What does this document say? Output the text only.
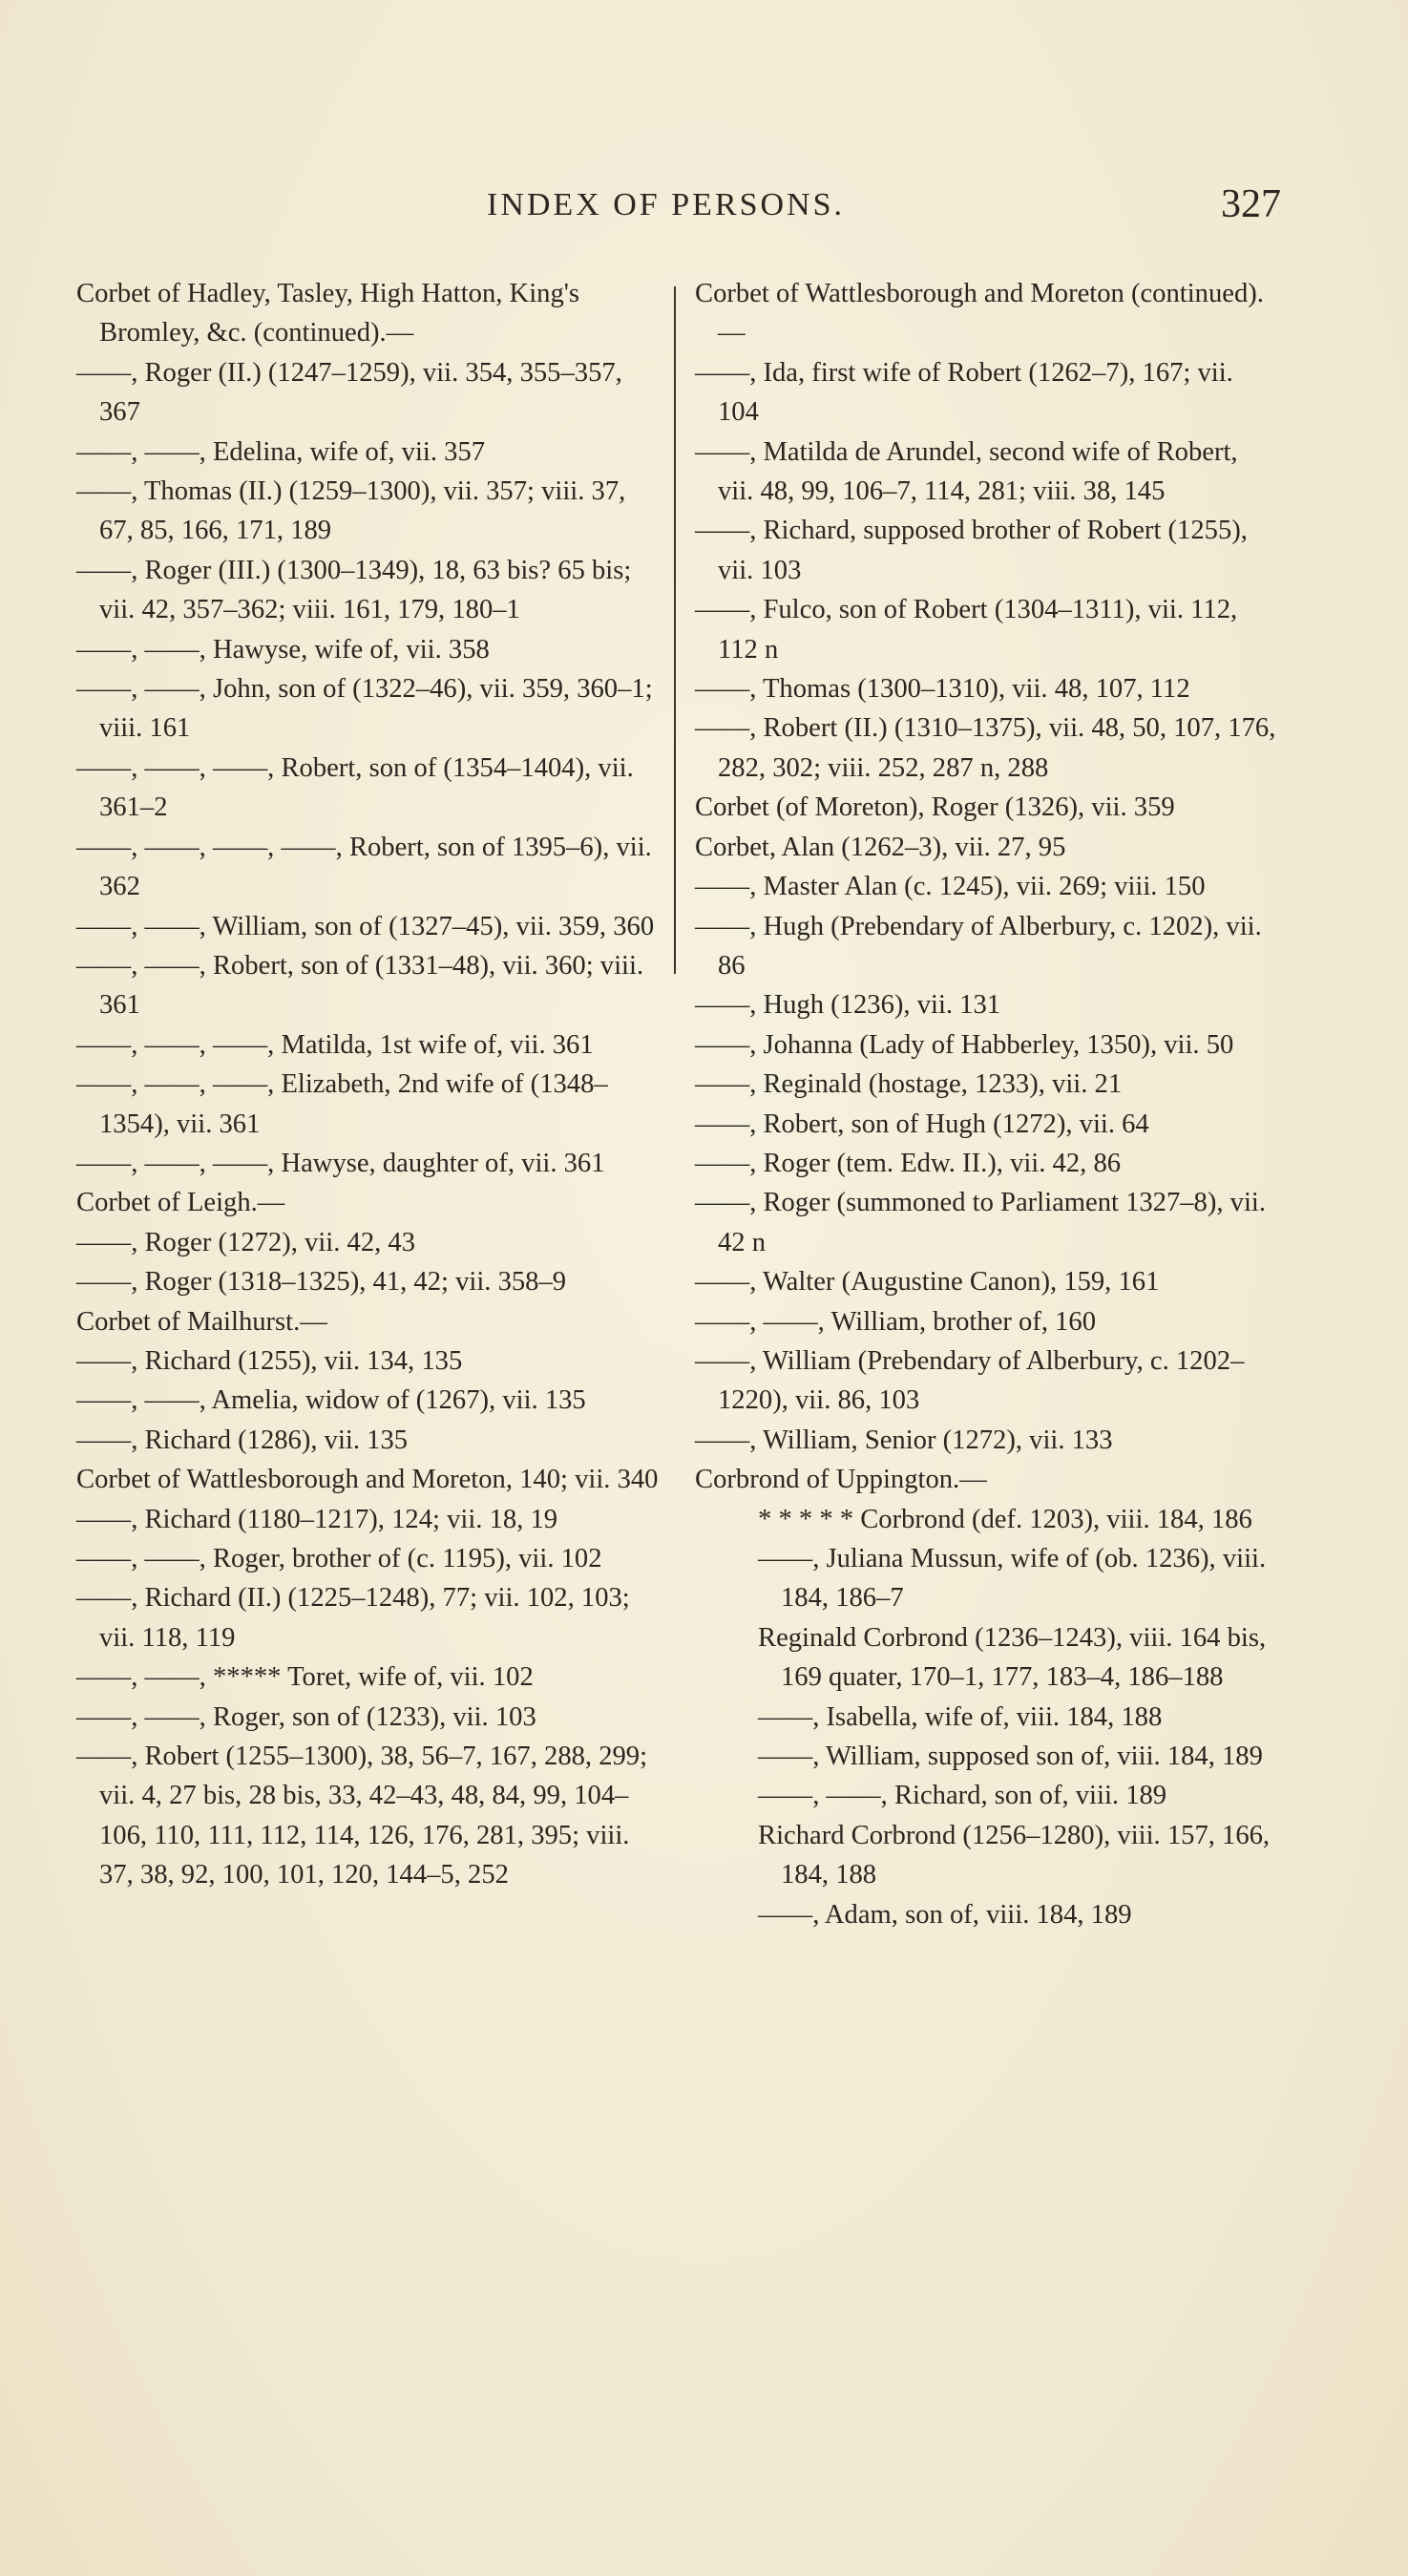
INDEX OF PERSONS.	327

Corbet of Hadley, Tasley, High Hatton, King's Bromley, &c. (continued).—

——, Roger (II.) (1247–1259), vii. 354, 355–357, 367

——, ——, Edelina, wife of, vii. 357

——, Thomas (II.) (1259–1300), vii. 357; viii. 37, 67, 85, 166, 171, 189

——, Roger (III.) (1300–1349), 18, 63 bis? 65 bis; vii. 42, 357–362; viii. 161, 179, 180–1

——, ——, Hawyse, wife of, vii. 358

——, ——, John, son of (1322–46), vii. 359, 360–1; viii. 161

——, ——, ——, Robert, son of (1354–1404), vii. 361–2

——, ——, ——, ——, Robert, son of 1395–6), vii. 362

——, ——, William, son of (1327–45), vii. 359, 360

——, ——, Robert, son of (1331–48), vii. 360; viii. 361

——, ——, ——, Matilda, 1st wife of, vii. 361

——, ——, ——, Elizabeth, 2nd wife of (1348–1354), vii. 361

——, ——, ——, Hawyse, daughter of, vii. 361

Corbet of Leigh.—

——, Roger (1272), vii. 42, 43

——, Roger (1318–1325), 41, 42; vii. 358–9

Corbet of Mailhurst.—

——, Richard (1255), vii. 134, 135

——, ——, Amelia, widow of (1267), vii. 135

——, Richard (1286), vii. 135

Corbet of Wattlesborough and Moreton, 140; vii. 340

——, Richard (1180–1217), 124; vii. 18, 19

——, ——, Roger, brother of (c. 1195), vii. 102

——, Richard (II.) (1225–1248), 77; vii. 102, 103; vii. 118, 119

——, ——, ***** Toret, wife of, vii. 102

——, ——, Roger, son of (1233), vii. 103

——, Robert (1255–1300), 38, 56–7, 167, 288, 299; vii. 4, 27 bis, 28 bis, 33, 42–43, 48, 84, 99, 104–106, 110, 111, 112, 114, 126, 176, 281, 395; viii. 37, 38, 92, 100, 101, 120, 144–5, 252

Corbet of Wattlesborough and Moreton (continued).—

——, Ida, first wife of Robert (1262–7), 167; vii. 104

——, Matilda de Arundel, second wife of Robert, vii. 48, 99, 106–7, 114, 281; viii. 38, 145

——, Richard, supposed brother of Robert (1255), vii. 103

——, Fulco, son of Robert (1304–1311), vii. 112, 112 n

——, Thomas (1300–1310), vii. 48, 107, 112

——, Robert (II.) (1310–1375), vii. 48, 50, 107, 176, 282, 302; viii. 252, 287 n, 288

Corbet (of Moreton), Roger (1326), vii. 359

Corbet, Alan (1262–3), vii. 27, 95

——, Master Alan (c. 1245), vii. 269; viii. 150

——, Hugh (Prebendary of Alberbury, c. 1202), vii. 86

——, Hugh (1236), vii. 131

——, Johanna (Lady of Habberley, 1350), vii. 50

——, Reginald (hostage, 1233), vii. 21

——, Robert, son of Hugh (1272), vii. 64

——, Roger (tem. Edw. II.), vii. 42, 86

——, Roger (summoned to Parliament 1327–8), vii. 42 n

——, Walter (Augustine Canon), 159, 161

——, ——, William, brother of, 160

——, William (Prebendary of Alberbury, c. 1202–1220), vii. 86, 103

——, William, Senior (1272), vii. 133

Corbrond of Uppington.—

* * * * * Corbrond (def. 1203), viii. 184, 186

——, Juliana Mussun, wife of (ob. 1236), viii. 184, 186–7

Reginald Corbrond (1236–1243), viii. 164 bis, 169 quater, 170–1, 177, 183–4, 186–188

——, Isabella, wife of, viii. 184, 188

——, William, supposed son of, viii. 184, 189

——, ——, Richard, son of, viii. 189

Richard Corbrond (1256–1280), viii. 157, 166, 184, 188

——, Adam, son of, viii. 184, 189
